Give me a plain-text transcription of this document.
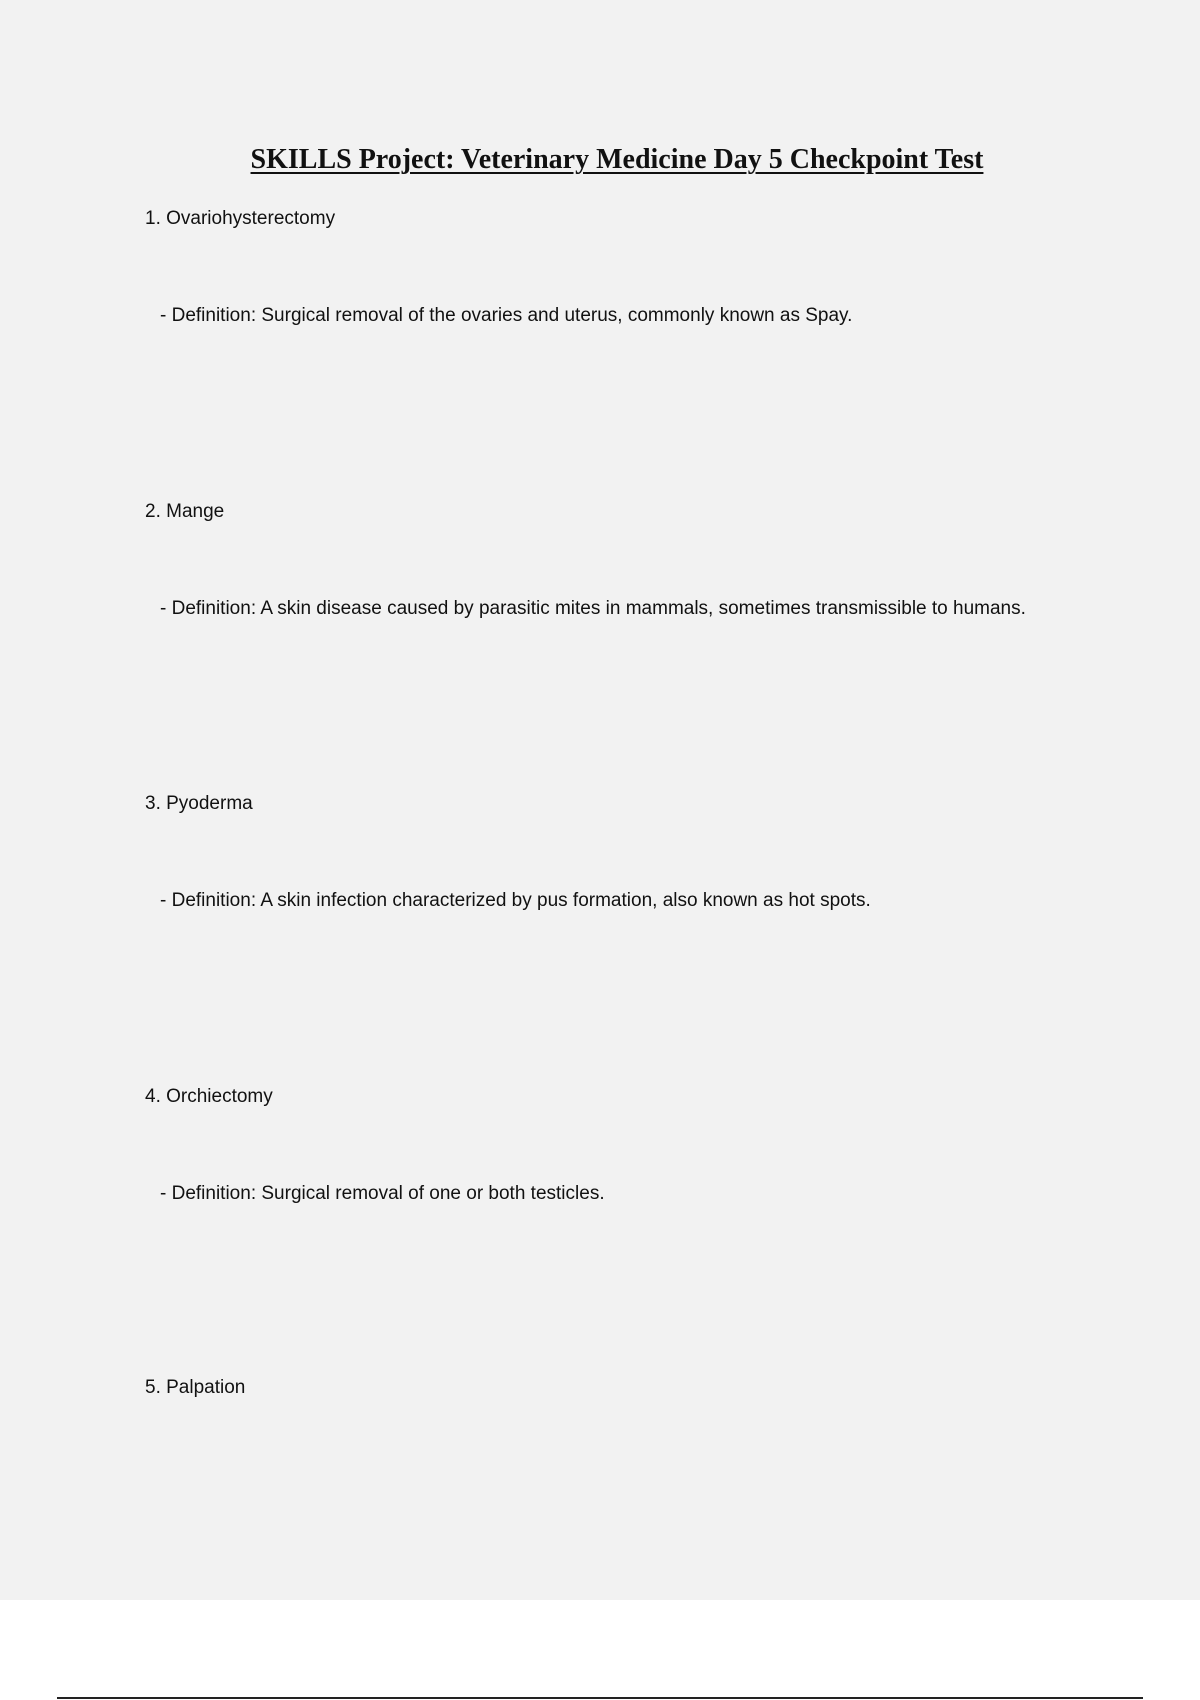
SKILLS Project: Veterinary Medicine Day 5 Checkpoint Test

1. Ovariohysterectomy

- Definition: Surgical removal of the ovaries and uterus, commonly known as Spay.

2. Mange

- Definition: A skin disease caused by parasitic mites in mammals, sometimes transmissible to humans.

3. Pyoderma

- Definition: A skin infection characterized by pus formation, also known as hot spots.

4. Orchiectomy

- Definition: Surgical removal of one or both testicles.

5. Palpation
